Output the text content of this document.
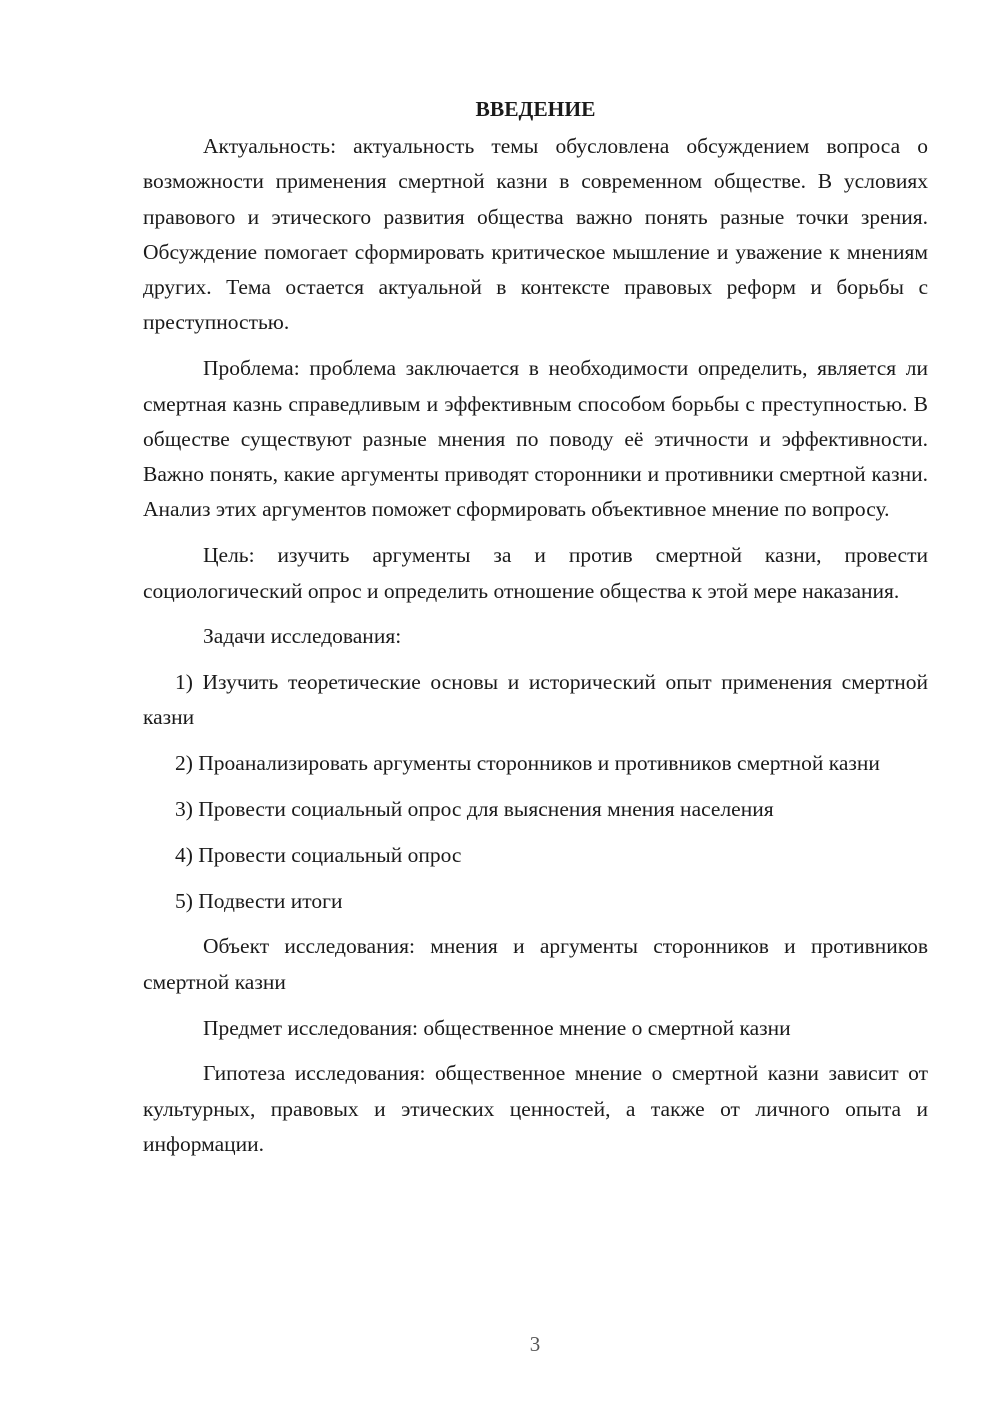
ВВЕДЕНИЕ

Актуальность: актуальность темы обусловлена обсуждением вопроса о возможности применения смертной казни в современном обществе. В условиях правового и этического развития общества важно понять разные точки зрения. Обсуждение помогает сформировать критическое мышление и уважение к мнениям других. Тема остается актуальной в контексте правовых реформ и борьбы с преступностью.

Проблема: проблема заключается в необходимости определить, является ли смертная казнь справедливым и эффективным способом борьбы с преступностью. В обществе существуют разные мнения по поводу её этичности и эффективности. Важно понять, какие аргументы приводят сторонники и противники смертной казни. Анализ этих аргументов поможет сформировать объективное мнение по вопросу.

Цель: изучить аргументы за и против смертной казни, провести социологический опрос и определить отношение общества к этой мере наказания.

Задачи исследования:

1) Изучить теоретические основы и исторический опыт применения смертной казни

2) Проанализировать аргументы сторонников и противников смертной казни

3) Провести социальный опрос для выяснения мнения населения

4) Провести социальный опрос

5) Подвести итоги

Объект исследования: мнения и аргументы сторонников и противников смертной казни

Предмет исследования: общественное мнение о смертной казни

Гипотеза исследования: общественное мнение о смертной казни зависит от культурных, правовых и этических ценностей, а также от личного опыта и информации.

3
